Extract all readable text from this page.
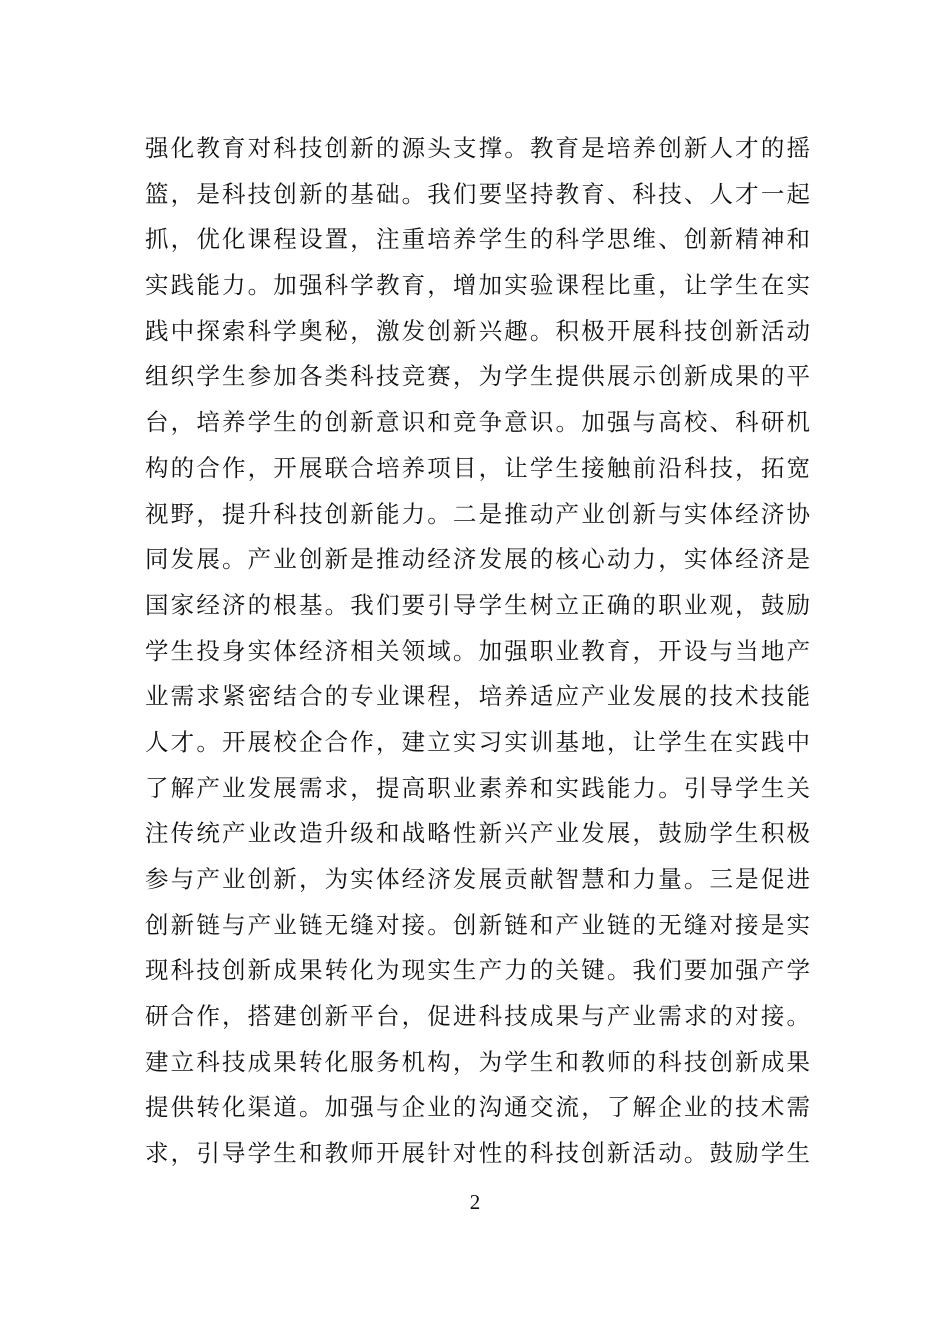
强化教育对科技创新的源头支撑。教育是培养创新人才的摇
篮，是科技创新的基础。我们要坚持教育、科技、人才一起
抓，优化课程设置，注重培养学生的科学思维、创新精神和
实践能力。加强科学教育，增加实验课程比重，让学生在实
践中探索科学奥秘，激发创新兴趣。积极开展科技创新活动
组织学生参加各类科技竞赛，为学生提供展示创新成果的平
台，培养学生的创新意识和竞争意识。加强与高校、科研机
构的合作，开展联合培养项目，让学生接触前沿科技，拓宽
视野，提升科技创新能力。二是推动产业创新与实体经济协
同发展。产业创新是推动经济发展的核心动力，实体经济是
国家经济的根基。我们要引导学生树立正确的职业观，鼓励
学生投身实体经济相关领域。加强职业教育，开设与当地产
业需求紧密结合的专业课程，培养适应产业发展的技术技能
人才。开展校企合作，建立实习实训基地，让学生在实践中
了解产业发展需求，提高职业素养和实践能力。引导学生关
注传统产业改造升级和战略性新兴产业发展，鼓励学生积极
参与产业创新，为实体经济发展贡献智慧和力量。三是促进
创新链与产业链无缝对接。创新链和产业链的无缝对接是实
现科技创新成果转化为现实生产力的关键。我们要加强产学
研合作，搭建创新平台，促进科技成果与产业需求的对接。
建立科技成果转化服务机构，为学生和教师的科技创新成果
提供转化渠道。加强与企业的沟通交流，了解企业的技术需
求，引导学生和教师开展针对性的科技创新活动。鼓励学生
2
